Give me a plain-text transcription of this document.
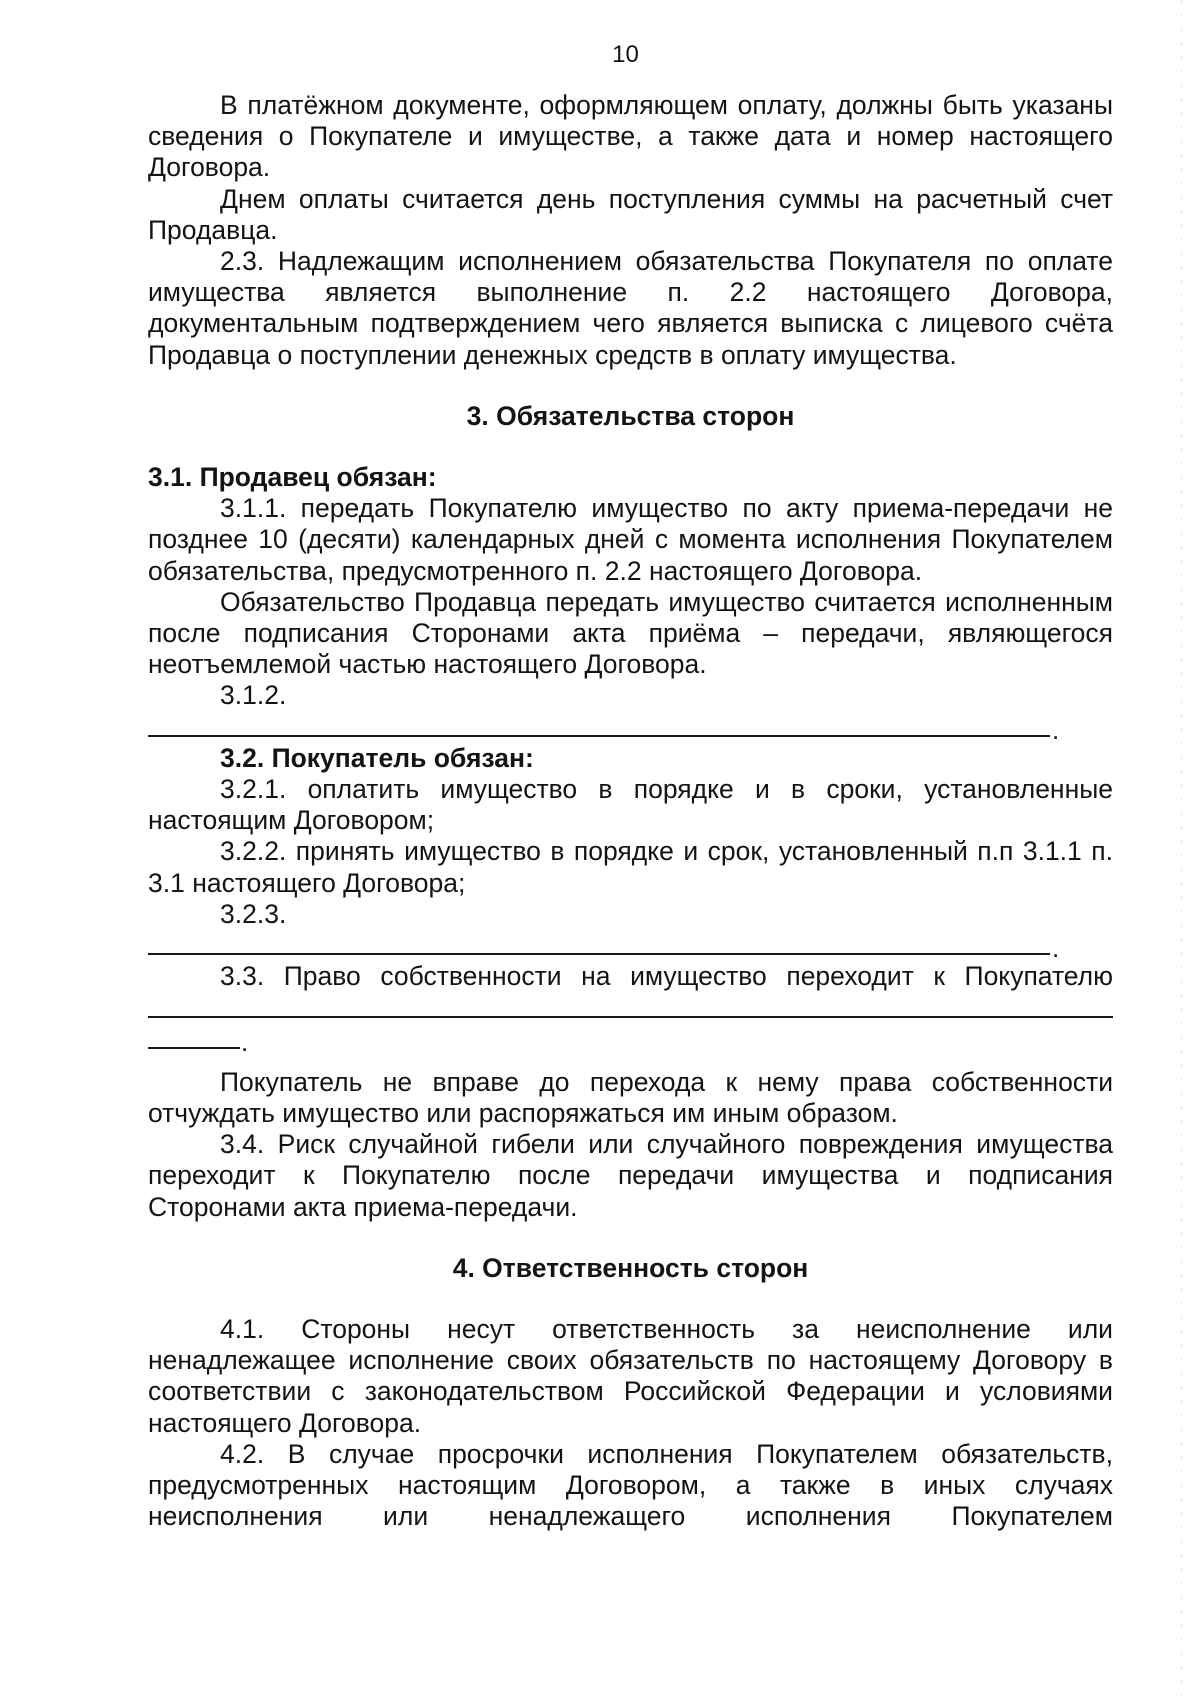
10

В платёжном документе, оформляющем оплату, должны быть указаны сведения о Покупателе и имуществе, а также дата и номер настоящего Договора.

Днем оплаты считается день поступления суммы на расчетный счет Продавца.

2.3. Надлежащим исполнением обязательства Покупателя по оплате имущества является выполнение п. 2.2 настоящего Договора, документальным подтверждением чего является выписка с лицевого счёта Продавца о поступлении денежных средств в оплату имущества.

3. Обязательства сторон

3.1. Продавец обязан:

3.1.1. передать Покупателю имущество по акту приема-передачи не позднее 10 (десяти) календарных дней с момента исполнения Покупателем обязательства, предусмотренного п. 2.2 настоящего Договора.

Обязательство Продавца передать имущество считается исполненным после подписания Сторонами акта приёма – передачи, являющегося неотъемлемой частью настоящего Договора.

3.1.2.

.

3.2. Покупатель обязан:

3.2.1. оплатить имущество в порядке и в сроки, установленные настоящим Договором;

3.2.2. принять имущество в порядке и срок, установленный п.п 3.1.1 п. 3.1 настоящего Договора;

3.2.3.

.

3.3. Право собственности на имущество переходит к Покупателю

.

Покупатель не вправе до перехода к нему права собственности отчуждать имущество или распоряжаться им иным образом.

3.4. Риск случайной гибели или случайного повреждения имущества переходит к Покупателю после передачи имущества и подписания Сторонами акта приема-передачи.

4. Ответственность сторон

4.1. Стороны несут ответственность за неисполнение или ненадлежащее исполнение своих обязательств по настоящему Договору в соответствии с законодательством Российской Федерации и условиями настоящего Договора.

4.2. В случае просрочки исполнения Покупателем обязательств, предусмотренных настоящим Договором, а также в иных случаях неисполнения или ненадлежащего исполнения Покупателем
